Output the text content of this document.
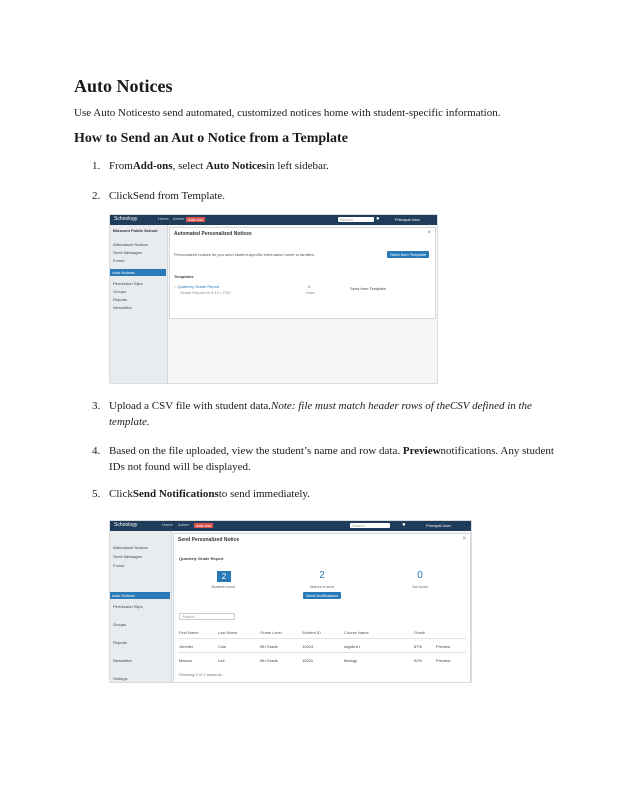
Auto Notices

Use Auto Noticesto send automated, customized notices home with student-specific information.

How to Send an Aut o Notice from a Template
1. FromAdd-ons, select Auto Noticesin left sidebar.
2. ClickSend from Template.
Schoology	Home Admin Add-ons	Search	●	Principal User
Blossom Public School
Attendance Notices
Send Messages
Forms
Auto Notices
Permission Slips
Groups
Reports
Newsletter
Automated Personalized Notices	×
Personalized notices let you send student-specific information home to families.	Send from Template
Templates
○ Quarterly Grade Report
Grade Report for 9-12 • CSV
4
rows
Send from Template
3. Upload a CSV file with student data.Note: file must match header rows of theCSV defined in the template.
4. Based on the file uploaded, view the student’s name and row data. Previewnotifications. Any student IDs not found will be displayed.
5. ClickSend Notificationsto send immediately.
Schoology	Home Admin	Add-ons	Search	●	Principal User
Attendance Notices
Send Messages
Forms
Auto Notices
Permission Slips
Groups
Reports
Newsletter
Settings
Send Personalized Notice	×
Quarterly Grade Report
2
Students found
2
Notices to send
0
Not found
Send Notifications
Search
First Name	Last Name	Grade Level	Student ID	Course Name	Grade
Jennifer	Cole	9th Grade	10024	Algebra I	87%	Preview
Marcus	Lee	9th Grade	10031	Biology	92%	Preview
Showing 2 of 2 students
